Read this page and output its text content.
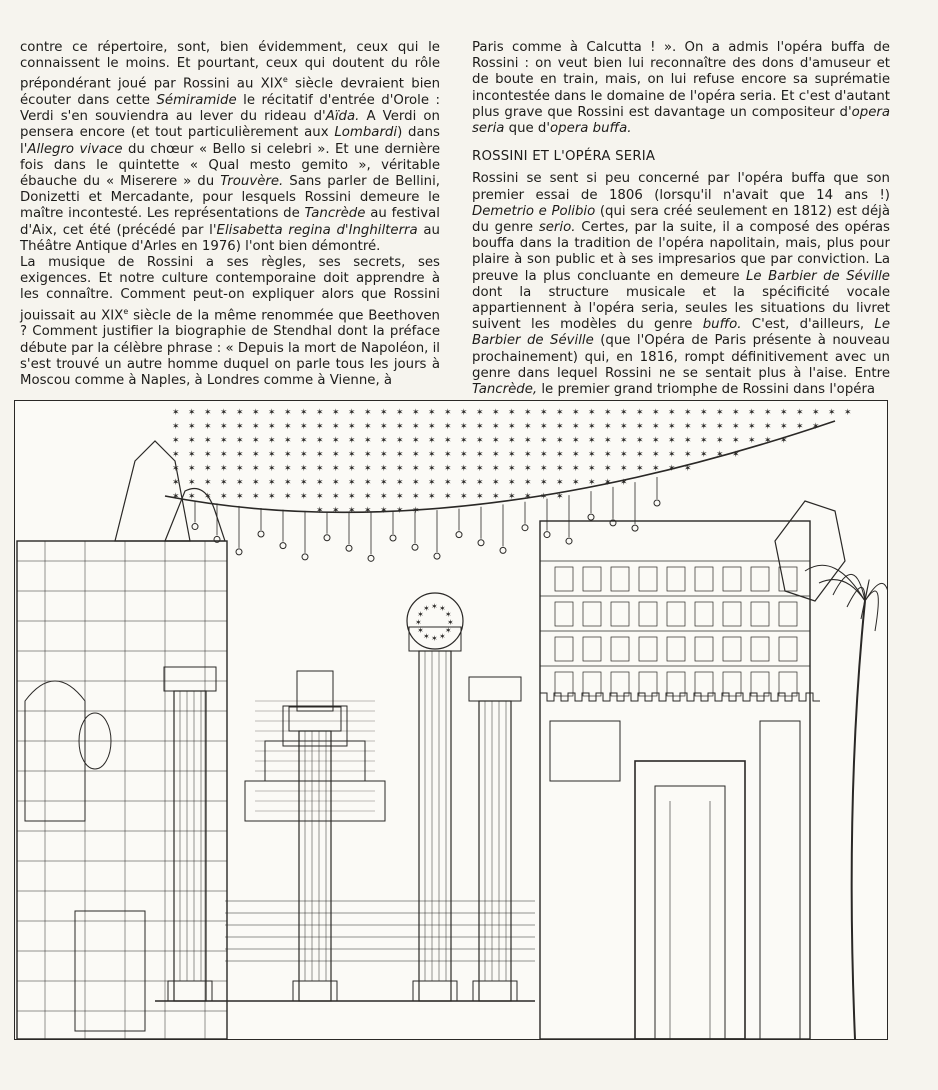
contre ce répertoire, sont, bien évidemment, ceux qui le connaissent le moins. Et pourtant, ceux qui doutent du rôle prépondérant joué par Rossini au XIXe siècle devraient bien écouter dans cette Sémiramide le récitatif d'entrée d'Orole : Verdi s'en souviendra au lever du rideau d'Aïda. A Verdi on pensera encore (et tout particulièrement aux Lombardi) dans l'Allegro vivace du chœur « Bello si celebri ». Et une dernière fois dans le quintette « Qual mesto gemito », véritable ébauche du « Miserere » du Trouvère. Sans parler de Bellini, Donizetti et Mercadante, pour lesquels Rossini demeure le maître incontesté. Les représentations de Tancrède au festival d'Aix, cet été (précédé par l'Elisabetta regina d'Inghilterra au Théâtre Antique d'Arles en 1976) l'ont bien démontré.

La musique de Rossini a ses règles, ses secrets, ses exigences. Et notre culture contemporaine doit apprendre à les connaître. Comment peut-on expliquer alors que Rossini jouissait au XIXe siècle de la même renommée que Beethoven ? Comment justifier la biographie de Stendhal dont la préface débute par la célèbre phrase : « Depuis la mort de Napoléon, il s'est trouvé un autre homme duquel on parle tous les jours à Moscou comme à Naples, à Londres comme à Vienne, à

Paris comme à Calcutta ! ». On a admis l'opéra buffa de Rossini : on veut bien lui reconnaître des dons d'amuseur et de boute en train, mais, on lui refuse encore sa suprématie incontestée dans le domaine de l'opéra seria. Et c'est d'autant plus grave que Rossini est davantage un compositeur d'opera seria que d'opera buffa.

ROSSINI ET L'OPÉRA SERIA

Rossini se sent si peu concerné par l'opéra buffa que son premier essai de 1806 (lorsqu'il n'avait que 14 ans !) Demetrio e Polibio (qui sera créé seulement en 1812) est déjà du genre serio. Certes, par la suite, il a composé des opéras bouffa dans la tradition de l'opéra napolitain, mais, plus pour plaire à son public et à ses impresarios que par conviction. La preuve la plus concluante en demeure Le Barbier de Séville dont la structure musicale et la spécificité vocale appartiennent à l'opéra seria, seules les situations du livret suivent les modèles du genre buffo. C'est, d'ailleurs, Le Barbier de Séville (que l'Opéra de Paris présente à nouveau prochainement) qui, en 1816, rompt définitivement avec un genre dans lequel Rossini ne se sentait plus à l'aise. Entre Tancrède, le premier grand triomphe de Rossini dans l'opéra

✶ ✶ ✶ ✶ ✶ ✶ ✶ ✶ ✶ ✶ ✶ ✶ ✶ ✶ ✶ ✶ ✶ ✶ ✶ ✶ ✶ ✶ ✶ ✶ ✶ ✶ ✶ ✶ ✶ ✶ ✶ ✶ ✶ ✶ ✶ ✶ ✶ ✶ ✶ ✶ ✶ ✶ ✶
✶ ✶ ✶ ✶ ✶ ✶ ✶ ✶ ✶ ✶ ✶ ✶ ✶ ✶ ✶ ✶ ✶ ✶ ✶ ✶ ✶ ✶ ✶ ✶ ✶ ✶ ✶ ✶ ✶ ✶ ✶ ✶ ✶ ✶ ✶ ✶ ✶ ✶ ✶ ✶ ✶
✶ ✶ ✶ ✶ ✶ ✶ ✶ ✶ ✶ ✶ ✶ ✶ ✶ ✶ ✶ ✶ ✶ ✶ ✶ ✶ ✶ ✶ ✶ ✶ ✶ ✶ ✶ ✶ ✶ ✶ ✶ ✶ ✶ ✶ ✶ ✶ ✶ ✶ ✶
✶ ✶ ✶ ✶ ✶ ✶ ✶ ✶ ✶ ✶ ✶ ✶ ✶ ✶ ✶ ✶ ✶ ✶ ✶ ✶ ✶ ✶ ✶ ✶ ✶ ✶ ✶ ✶ ✶ ✶ ✶ ✶ ✶ ✶ ✶ ✶
✶ ✶ ✶ ✶ ✶ ✶ ✶ ✶ ✶ ✶ ✶ ✶ ✶ ✶ ✶ ✶ ✶ ✶ ✶ ✶ ✶ ✶ ✶ ✶ ✶ ✶ ✶ ✶ ✶ ✶ ✶ ✶ ✶
✶ ✶ ✶ ✶ ✶ ✶ ✶ ✶ ✶ ✶ ✶ ✶ ✶ ✶ ✶ ✶ ✶ ✶ ✶ ✶ ✶ ✶ ✶ ✶ ✶ ✶ ✶ ✶ ✶
✶ ✶ ✶ ✶ ✶ ✶ ✶ ✶ ✶ ✶ ✶ ✶ ✶ ✶ ✶ ✶ ✶ ✶ ✶ ✶ ✶ ✶ ✶ ✶ ✶
✶ ✶ ✶ ✶ ✶ ✶ ✶
✶
✶
✶
✶
✶
✶
✶
✶
✶ ✶ ✶
✶
